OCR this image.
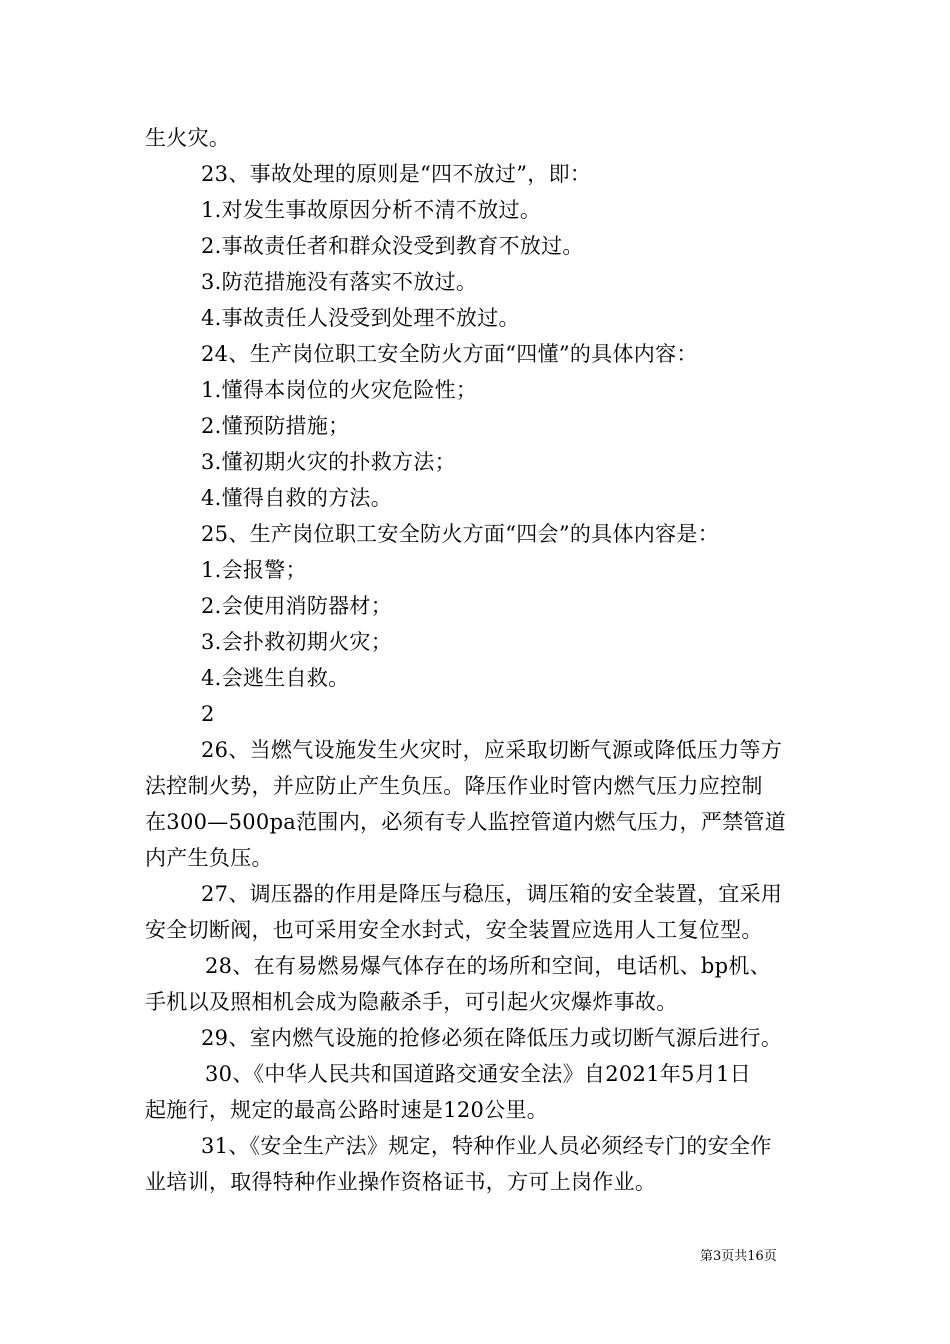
生火灾。
23、事故处理的原则是“四不放过”，即：
1.对发生事故原因分析不清不放过。
2.事故责任者和群众没受到教育不放过。
3.防范措施没有落实不放过。
4.事故责任人没受到处理不放过。
24、生产岗位职工安全防火方面“四懂”的具体内容：
1.懂得本岗位的火灾危险性；
2.懂预防措施；
3.懂初期火灾的扑救方法；
4.懂得自救的方法。
25、生产岗位职工安全防火方面“四会”的具体内容是：
1.会报警；
2.会使用消防器材；
3.会扑救初期火灾；
4.会逃生自救。
2
26、当燃气设施发生火灾时，应采取切断气源或降低压力等方
法控制火势，并应防止产生负压。降压作业时管内燃气压力应控制
在300—500pa范围内，必须有专人监控管道内燃气压力，严禁管道
内产生负压。
27、调压器的作用是降压与稳压，调压箱的安全装置，宜采用
安全切断阀，也可采用安全水封式，安全装置应选用人工复位型。
28、在有易燃易爆气体存在的场所和空间，电话机、bp机、
手机以及照相机会成为隐蔽杀手，可引起火灾爆炸事故。
29、室内燃气设施的抢修必须在降低压力或切断气源后进行。
30、《中华人民共和国道路交通安全法》自2021年5月1日
起施行，规定的最高公路时速是120公里。
31、《安全生产法》规定，特种作业人员必须经专门的安全作
业培训，取得特种作业操作资格证书，方可上岗作业。
第3页共16页
